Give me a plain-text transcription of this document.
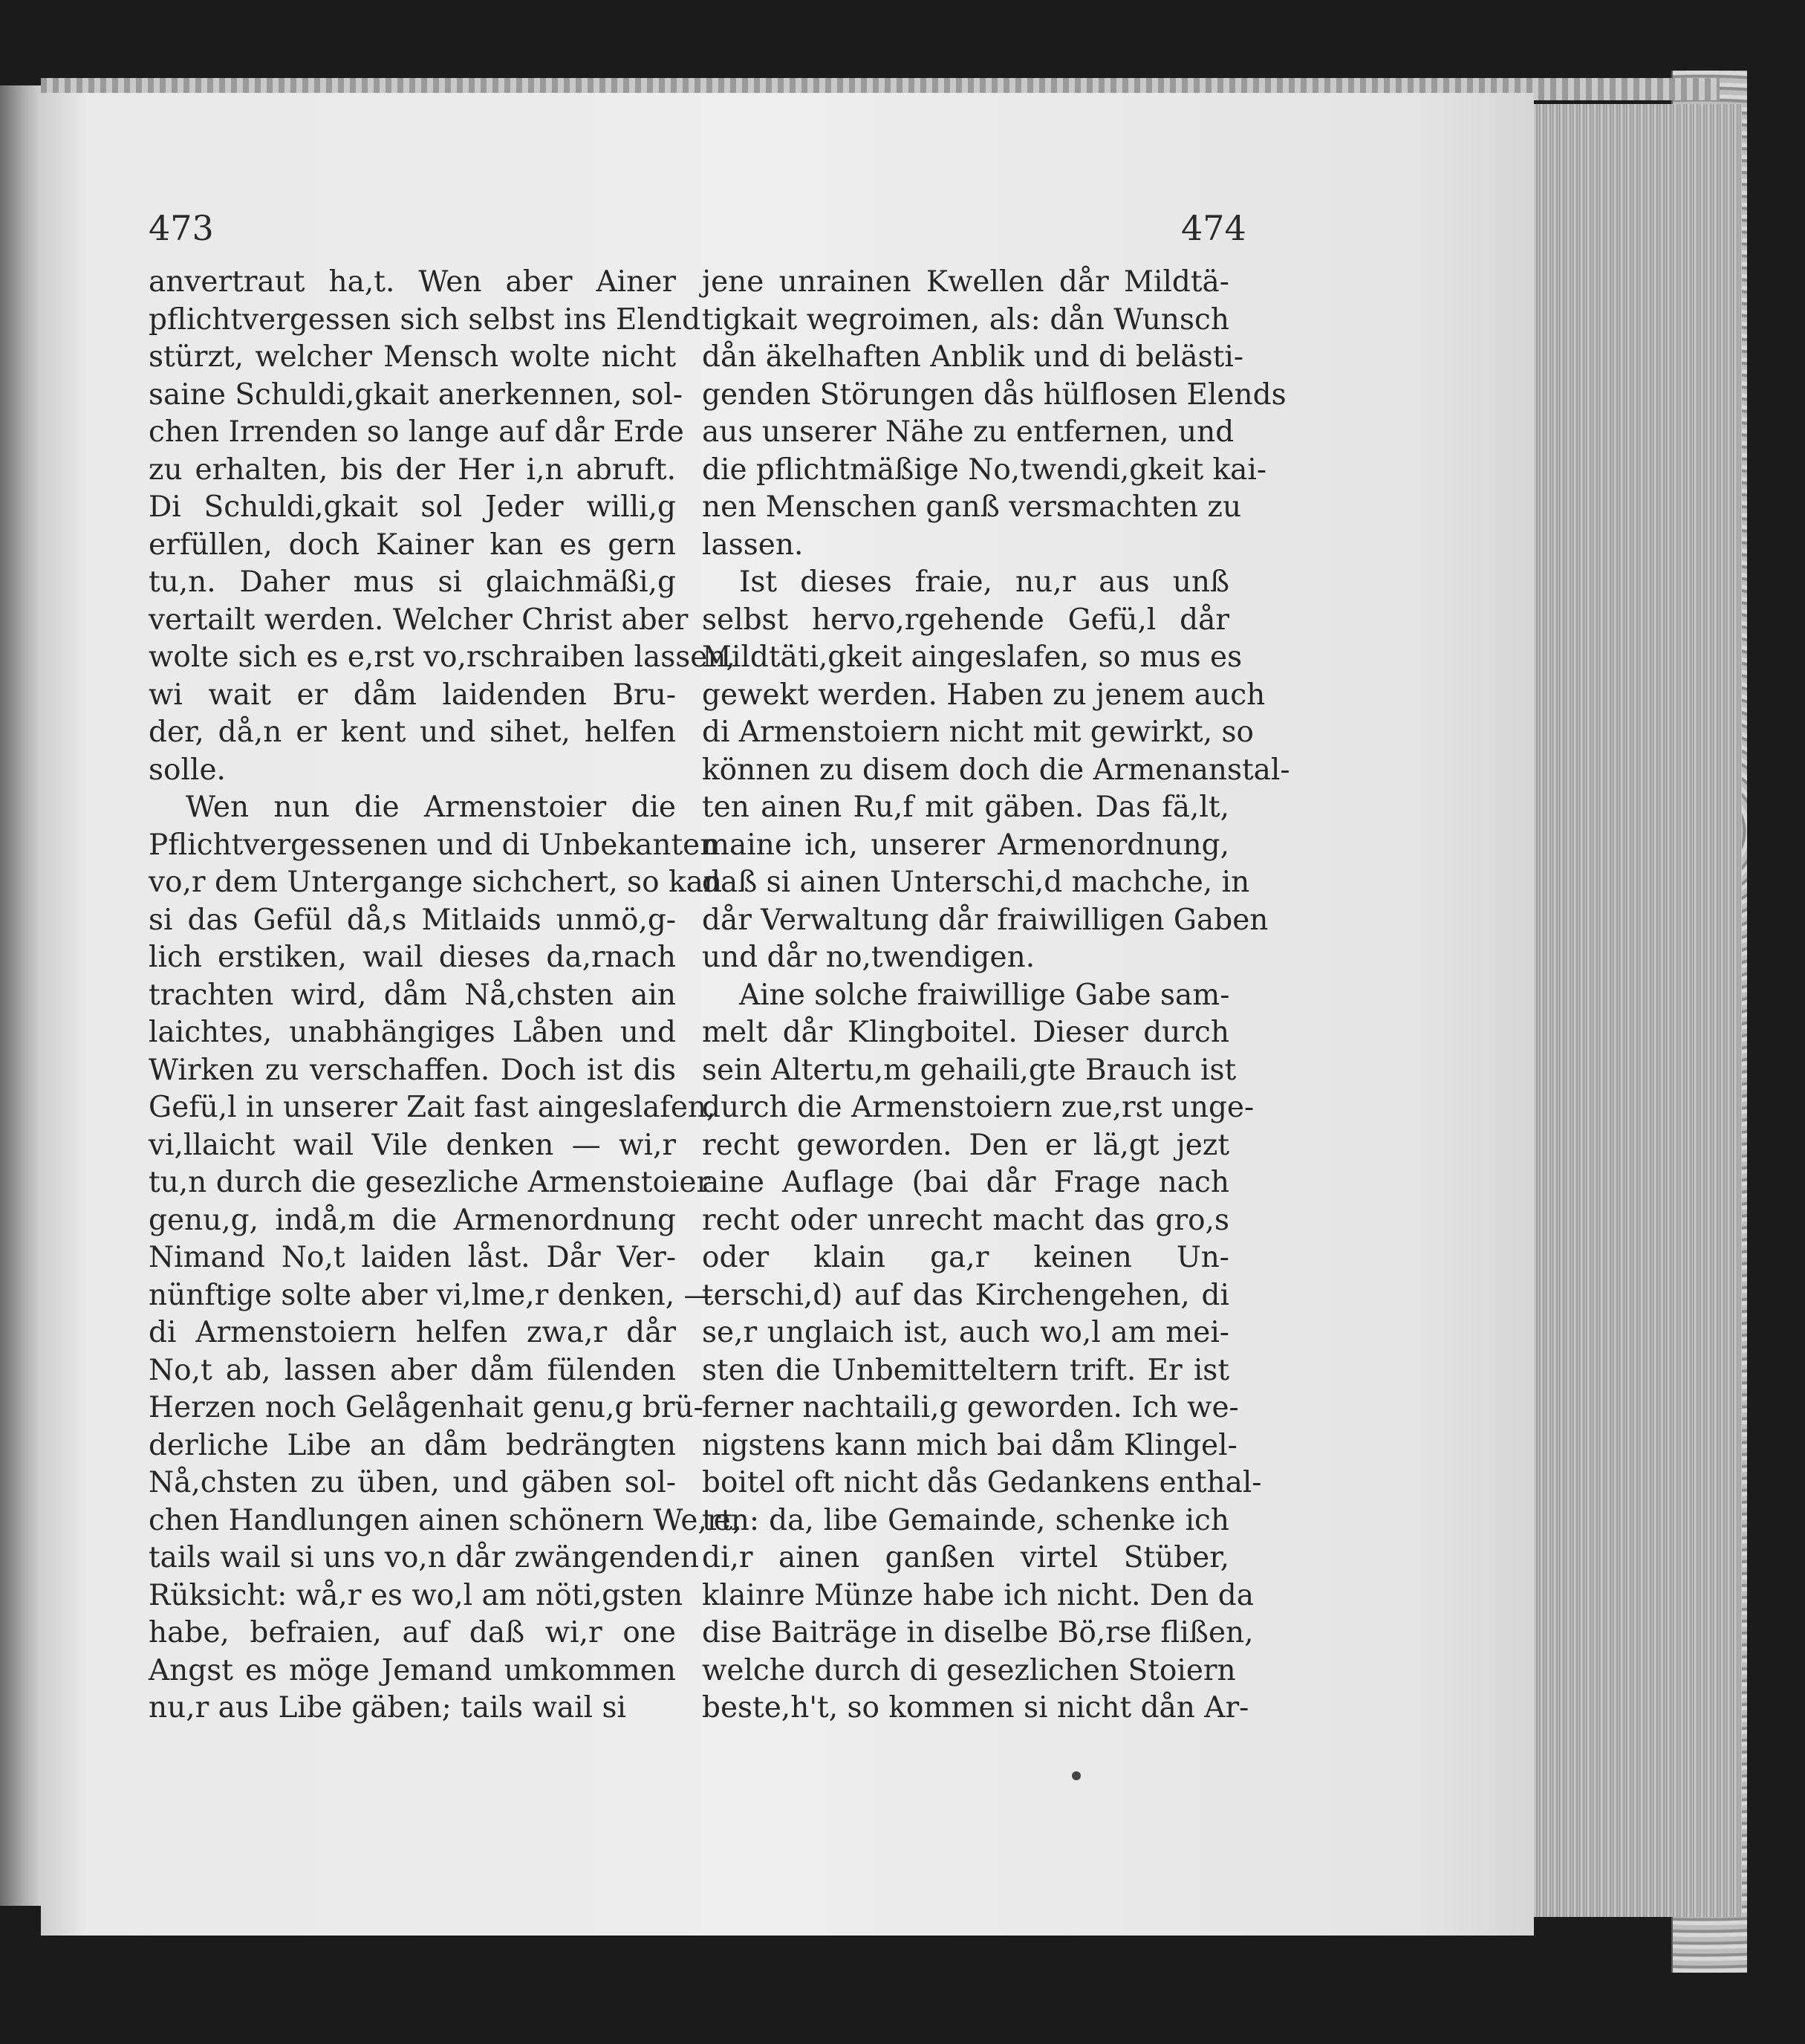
473	474
anvertraut ha,t. Wen aber Ainer
pflichtvergessen sich selbst ins Elend
stürzt, welcher Mensch wolte nicht
saine Schuldi,gkait anerkennen, sol-
chen Irrenden so lange auf dår Erde
zu erhalten, bis der Her i,n abruft.
Di Schuldi,gkait sol Jeder willi,g
erfüllen, doch Kainer kan es gern
tu,n. Daher mus si glaichmäßi,g
vertailt werden. Welcher Christ aber
wolte sich es e,rst vo,rschraiben lassen,
wi wait er dåm laidenden Bru-
der, då,n er kent und sihet, helfen
solle.
Wen nun die Armenstoier die
Pflichtvergessenen und di Unbekanten
vo,r dem Untergange sichchert, so kan
si das Gefül då,s Mitlaids unmö,g-
lich erstiken, wail dieses da,rnach
trachten wird, dåm Nå,chsten ain
laichtes, unabhängiges Låben und
Wirken zu verschaffen. Doch ist dis
Gefü,l in unserer Zait fast aingeslafen,
vi,llaicht wail Vile denken — wi,r
tu,n durch die gesezliche Armenstoier
genu,g, indå,m die Armenordnung
Nimand No,t laiden låst. Dår Ver-
nünftige solte aber vi,lme,r denken, —
di Armenstoiern helfen zwa,r dår
No,t ab, lassen aber dåm fülenden
Herzen noch Gelågenhait genu,g brü-
derliche Libe an dåm bedrängten
Nå,chsten zu üben, und gäben sol-
chen Handlungen ainen schönern We,rt,
tails wail si uns vo,n dår zwängenden
Rüksicht: wå,r es wo,l am nöti,gsten
habe, befraien, auf daß wi,r one
Angst es möge Jemand umkommen
nu,r aus Libe gäben; tails wail si
jene unrainen Kwellen dår Mildtä-
tigkait wegroimen, als: dån Wunsch
dån äkelhaften Anblik und di belästi-
genden Störungen dås hülflosen Elends
aus unserer Nähe zu entfernen, und
die pflichtmäßige No,twendi,gkeit kai-
nen Menschen ganß versmachten zu
lassen.
Ist dieses fraie, nu,r aus unß
selbst hervo,rgehende Gefü,l dår
Mildtäti,gkeit aingeslafen, so mus es
gewekt werden. Haben zu jenem auch
di Armenstoiern nicht mit gewirkt, so
können zu disem doch die Armenanstal-
ten ainen Ru,f mit gäben. Das fä,lt,
maine ich, unserer Armenordnung,
daß si ainen Unterschi,d machche, in
dår Verwaltung dår fraiwilligen Gaben
und dår no,twendigen.
Aine solche fraiwillige Gabe sam-
melt dår Klingboitel. Dieser durch
sein Altertu,m gehaili,gte Brauch ist
durch die Armenstoiern zue,rst unge-
recht geworden. Den er lä,gt jezt
aine Auflage (bai dår Frage nach
recht oder unrecht macht das gro,s
oder klain ga,r keinen Un-
terschi,d) auf das Kirchengehen, di
se,r unglaich ist, auch wo,l am mei-
sten die Unbemitteltern trift. Er ist
ferner nachtaili,g geworden. Ich we-
nigstens kann mich bai dåm Klingel-
boitel oft nicht dås Gedankens enthal-
ten: da, libe Gemainde, schenke ich
di,r ainen ganßen virtel Stüber,
klainre Münze habe ich nicht. Den da
dise Baiträge in diselbe Bö,rse flißen,
welche durch di gesezlichen Stoiern
beste,h't, so kommen si nicht dån Ar-
